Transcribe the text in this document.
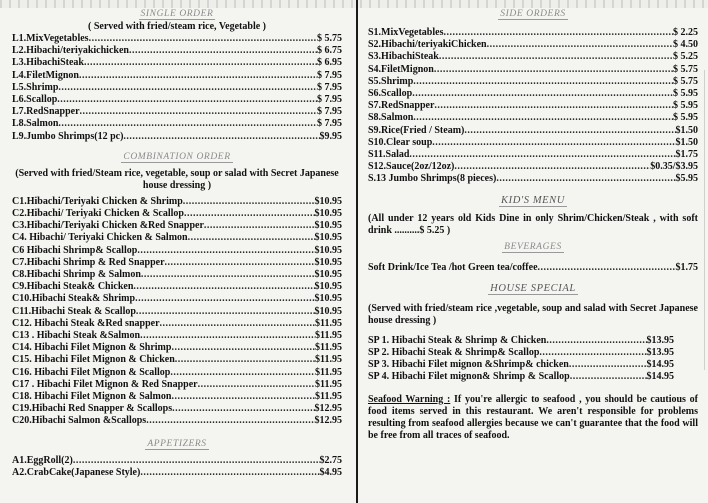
SINGLE ORDER
( Served with fried/steam rice, Vegetable )
L1.MixVegetables .....	$ 5.75
L2.Hibachi/teriyakichicken .....	$ 6.75
L3.HibachiSteak .....	$ 6.95
L4.FiletMignon .....	$ 7.95
L5.Shrimp .....	$ 7.95
L6.Scallop .....	$ 7.95
L7.RedSnapper .....	$ 7.95
L8.Salmon .....	$ 7.95
L9.Jumbo Shrimps(12 pc) .....	$9.95
COMBINATION ORDER
(Served with fried/Steam rice, vegetable, soup or salad with Secret Japanese house dressing )
C1.Hibachi/Teriyaki Chicken & Shrimp .....	$10.95
C2.Hibachi/ Teriyaki Chicken & Scallop .....	$10.95
C3.Hibachi/Teriyaki Chicken &Red Snapper .....	$10.95
C4. Hibachi/ Teriyaki Chicken & Salmon .....	$10.95
C6 Hibachi Shrimp& Scallop .....	$10.95
C7.Hibachi Shrimp & Red Snapper .....	$10.95
C8.Hibachi Shrimp & Salmon .....	$10.95
C9.Hibachi Steak& Chicken .....	$10.95
C10.Hibachi Steak& Shrimp .....	$10.95
C11.Hibachi Steak & Scallop .....	$10.95
C12. Hibachi Steak &Red snapper .....	$11.95
C13 . Hibachi Steak &Salmon .....	$11.95
C14. Hibachi Filet Mignon & Shrimp .....	$11.95
C15. Hibachi Filet Mignon & Chicken .....	$11.95
C16. Hibachi Filet Mignon & Scallop .....	$11.95
C17 . Hibachi Filet Mignon & Red Snapper .....	$11.95
C18. Hibachi Filet Mignon & Salmon .....	$11.95
C19.Hibachi Red Snapper & Scallops .....	$12.95
C20.Hibachi Salmon &Scallops .....	$12.95
APPETIZERS
A1.EggRoll(2) .....	$2.75
A2.CrabCake(Japanese Style) .....	$4.95
SIDE ORDERS
S1.MixVegetables .....	$ 2.25
S2.Hibachi/teriyakiChicken .....	$ 4.50
S3.HibachiSteak .....	$ 5.25
S4.FiletMignon .....	$ 5.75
S5.Shrimp .....	$ 5.75
S6.Scallop .....	$ 5.95
S7.RedSnapper .....	$ 5.95
S8.Salmon .....	$ 5.95
S9.Rice(Fried / Steam) .....	$1.50
S10.Clear soup .....	$1.50
S11.Salad .....	$1.75
S12.Sauce(2oz/12oz) .....	$0.35/$3.95
S.13 Jumbo Shrimps(8 pieces) .....	$5.95
KID'S MENU
(All under 12 years old Kids Dine in only Shrim/Chicken/Steak , with soft drink ..........$ 5.25 )
BEVERAGES
Soft Drink/Ice Tea /hot Green tea/coffee .....	$1.75
HOUSE SPECIAL
(Served with fried/steam rice ,vegetable, soup and salad with Secret Japanese house dressing )
SP 1. Hibachi Steak & Shrimp & Chicken .....	$13.95
SP 2. Hibachi Steak & Shrimp& Scallop .....	$13.95
SP 3. Hibachi Filet mignon &Shrimp& chicken .....	$14.95
SP 4. Hibachi Filet mignon& Shrimp & Scallop .....	$14.95
Seafood Warning : If you're allergic to seafood , you should be cautious of food items served in this restaurant. We aren't responsible for problems resulting from seafood allergies because we can't guarantee that the food will be free from all traces of seafood.
